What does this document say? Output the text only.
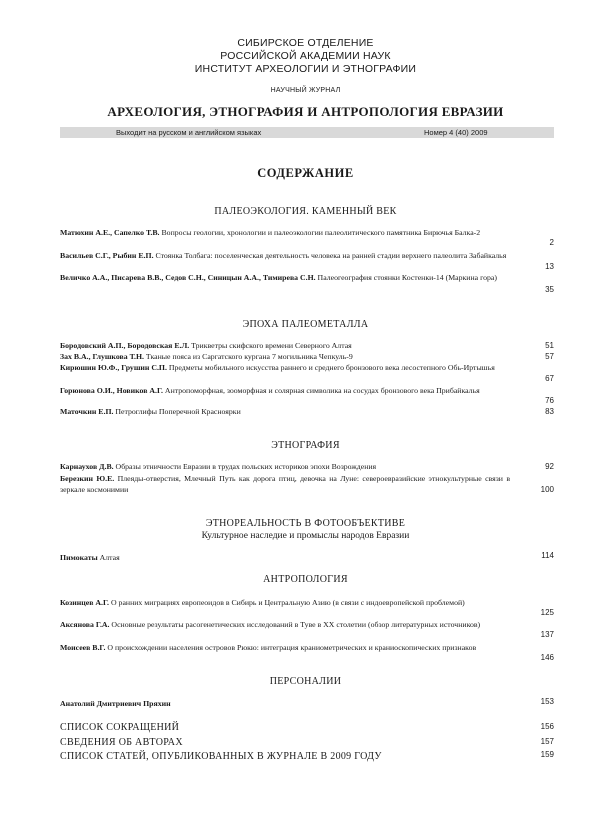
СИБИРСКОЕ ОТДЕЛЕНИЕ
РОССИЙСКОЙ АКАДЕМИИ НАУК
ИНСТИТУТ АРХЕОЛОГИИ И ЭТНОГРАФИИ
НАУЧНЫЙ ЖУРНАЛ
АРХЕОЛОГИЯ, ЭТНОГРАФИЯ И АНТРОПОЛОГИЯ ЕВРАЗИИ
Выходит на русском и английском языках	Номер 4 (40) 2009
СОДЕРЖАНИЕ
ПАЛЕОЭКОЛОГИЯ. КАМЕННЫЙ ВЕК
Матюхин А.Е., Сапелко Т.В. Вопросы геологии, хронологии и палеоэкологии палеолитического памятника Бирючья Балка-2
2
Васильев С.Г., Рыбин Е.П. Стоянка Толбага: поселенческая деятельность человека на ранней стадии верхнего палеолита Забайкалья
13
Величко А.А., Писарева В.В., Седов С.Н., Синицын А.А., Тимирева С.Н. Палеогеография стоянки Костенки-14 (Маркина гора)
35
ЭПОХА ПАЛЕОМЕТАЛЛА
Бородовский А.П., Бородовская Е.Л. Трикветры скифского времени Северного Алтая	51
Зах В.А., Глушкова Т.Н. Тканые пояса из Саргатского кургана 7 могильника Чепкуль-9	57
Кирюшин Ю.Ф., Грушин С.П. Предметы мобильного искусства раннего и среднего бронзового века лесостепного Обь-Иртышья
67
Горюнова О.И., Новиков А.Г. Антропоморфная, зооморфная и солярная символика на сосудах бронзового века Прибайкалья
76
Маточкин Е.П. Петроглифы Поперечной Красноярки	83
ЭТНОГРАФИЯ
Карнаухов Д.В. Образы этничности Евразии в трудах польских историков эпохи Возрождения	92
Березкин Ю.Е. Плеяды-отверстия, Млечный Путь как дорога птиц, девочка на Луне: североевразийские этнокультурные связи в зеркале космонимии	100
ЭТНОРЕАЛЬНОСТЬ В ФОТООБЪЕКТИВЕ
Культурное наследие и промыслы народов Евразии
Пимокаты Алтая	114
АНТРОПОЛОГИЯ
Козинцев А.Г. О ранних миграциях европеоидов в Сибирь и Центральную Азию (в связи с индоевропейской проблемой)
125
Аксянова Г.А. Основные результаты расогенетических исследований в Туве в XX столетии (обзор литературных источников)
137
Моисеев В.Г. О происхождении населения островов Рюкю: интеграция краниометрических и краниоскопических признаков
146
ПЕРСОНАЛИИ
Анатолий Дмитриевич Пряхин	153
СПИСОК СОКРАЩЕНИЙ	156
СВЕДЕНИЯ ОБ АВТОРАХ	157
СПИСОК СТАТЕЙ, ОПУБЛИКОВАННЫХ В ЖУРНАЛЕ В 2009 ГОДУ	159
